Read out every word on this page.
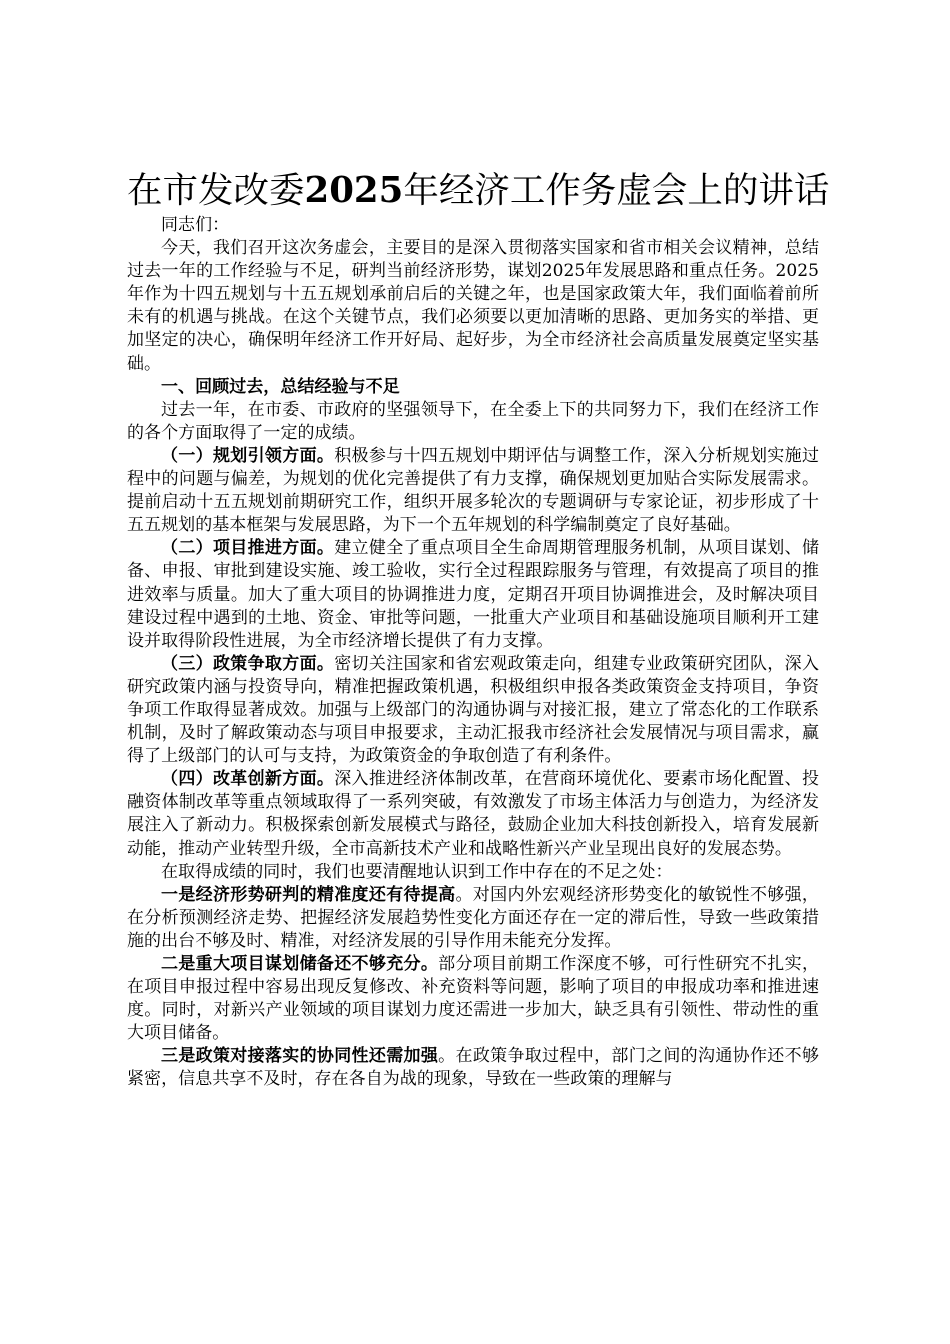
在市发改委2025年经济工作务虚会上的讲话

同志们：

今天，我们召开这次务虚会，主要目的是深入贯彻落实国家和省市相关会议精神，总结过去一年的工作经验与不足，研判当前经济形势，谋划2025年发展思路和重点任务。2025年作为十四五规划与十五五规划承前启后的关键之年，也是国家政策大年，我们面临着前所未有的机遇与挑战。在这个关键节点，我们必须要以更加清晰的思路、更加务实的举措、更加坚定的决心，确保明年经济工作开好局、起好步，为全市经济社会高质量发展奠定坚实基础。

一、回顾过去，总结经验与不足

过去一年，在市委、市政府的坚强领导下，在全委上下的共同努力下，我们在经济工作的各个方面取得了一定的成绩。

（一）规划引领方面。积极参与十四五规划中期评估与调整工作，深入分析规划实施过程中的问题与偏差，为规划的优化完善提供了有力支撑，确保规划更加贴合实际发展需求。提前启动十五五规划前期研究工作，组织开展多轮次的专题调研与专家论证，初步形成了十五五规划的基本框架与发展思路，为下一个五年规划的科学编制奠定了良好基础。

（二）项目推进方面。建立健全了重点项目全生命周期管理服务机制，从项目谋划、储备、申报、审批到建设实施、竣工验收，实行全过程跟踪服务与管理，有效提高了项目的推进效率与质量。加大了重大项目的协调推进力度，定期召开项目协调推进会，及时解决项目建设过程中遇到的土地、资金、审批等问题，一批重大产业项目和基础设施项目顺利开工建设并取得阶段性进展，为全市经济增长提供了有力支撑。

（三）政策争取方面。密切关注国家和省宏观政策走向，组建专业政策研究团队，深入研究政策内涵与投资导向，精准把握政策机遇，积极组织申报各类政策资金支持项目，争资争项工作取得显著成效。加强与上级部门的沟通协调与对接汇报，建立了常态化的工作联系机制，及时了解政策动态与项目申报要求，主动汇报我市经济社会发展情况与项目需求，赢得了上级部门的认可与支持，为政策资金的争取创造了有利条件。

（四）改革创新方面。深入推进经济体制改革，在营商环境优化、要素市场化配置、投融资体制改革等重点领域取得了一系列突破，有效激发了市场主体活力与创造力，为经济发展注入了新动力。积极探索创新发展模式与路径，鼓励企业加大科技创新投入，培育发展新动能，推动产业转型升级，全市高新技术产业和战略性新兴产业呈现出良好的发展态势。

在取得成绩的同时，我们也要清醒地认识到工作中存在的不足之处：

一是经济形势研判的精准度还有待提高。对国内外宏观经济形势变化的敏锐性不够强，在分析预测经济走势、把握经济发展趋势性变化方面还存在一定的滞后性，导致一些政策措施的出台不够及时、精准，对经济发展的引导作用未能充分发挥。

二是重大项目谋划储备还不够充分。部分项目前期工作深度不够，可行性研究不扎实，在项目申报过程中容易出现反复修改、补充资料等问题，影响了项目的申报成功率和推进速度。同时，对新兴产业领域的项目谋划力度还需进一步加大，缺乏具有引领性、带动性的重大项目储备。

三是政策对接落实的协同性还需加强。在政策争取过程中，部门之间的沟通协作还不够紧密，信息共享不及时，存在各自为战的现象，导致在一些政策的理解与
